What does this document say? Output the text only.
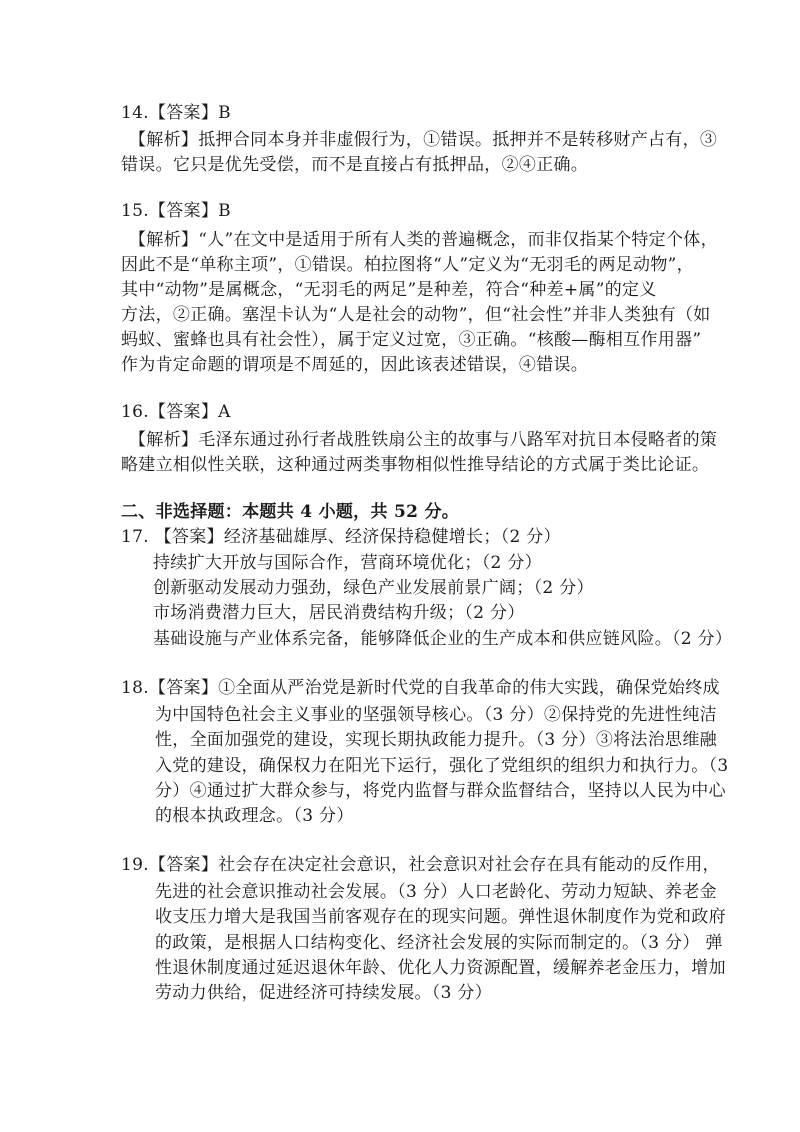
14.【答案】B
【解析】抵押合同本身并非虚假行为，①错误。抵押并不是转移财产占有，③
错误。它只是优先受偿，而不是直接占有抵押品，②④正确。
15.【答案】B
【解析】“人”在文中是适用于所有人类的普遍概念，而非仅指某个特定个体，
因此不是“单称主项”，①错误。柏拉图将“人”定义为“无羽毛的两足动物”，
其中“动物”是属概念，“无羽毛的两足”是种差，符合“种差+属”的定义
方法，②正确。塞涅卡认为“人是社会的动物”，但“社会性”并非人类独有（如
蚂蚁、蜜蜂也具有社会性），属于定义过宽，③正确。“核酸—酶相互作用器”
作为肯定命题的谓项是不周延的，因此该表述错误，④错误。
16.【答案】A
【解析】毛泽东通过孙行者战胜铁扇公主的故事与八路军对抗日本侵略者的策
略建立相似性关联，这种通过两类事物相似性推导结论的方式属于类比论证。
二、非选择题：本题共 4 小题，共 52 分。
17. 【答案】经济基础雄厚、经济保持稳健增长；（2 分）
持续扩大开放与国际合作，营商环境优化；（2 分）
创新驱动发展动力强劲，绿色产业发展前景广阔；（2 分）
市场消费潜力巨大，居民消费结构升级；（2 分）
基础设施与产业体系完备，能够降低企业的生产成本和供应链风险。（2 分）
18.【答案】①全面从严治党是新时代党的自我革命的伟大实践，确保党始终成
为中国特色社会主义事业的坚强领导核心。（3 分）②保持党的先进性纯洁
性，全面加强党的建设，实现长期执政能力提升。（3 分）③将法治思维融
入党的建设，确保权力在阳光下运行，强化了党组织的组织力和执行力。（3
分）④通过扩大群众参与，将党内监督与群众监督结合，坚持以人民为中心
的根本执政理念。（3 分）
19.【答案】社会存在决定社会意识，社会意识对社会存在具有能动的反作用，
先进的社会意识推动社会发展。（3 分）人口老龄化、劳动力短缺、养老金
收支压力增大是我国当前客观存在的现实问题。弹性退休制度作为党和政府
的政策，是根据人口结构变化、经济社会发展的实际而制定的。（3 分） 弹
性退休制度通过延迟退休年龄、优化人力资源配置，缓解养老金压力，增加
劳动力供给，促进经济可持续发展。（3 分）
